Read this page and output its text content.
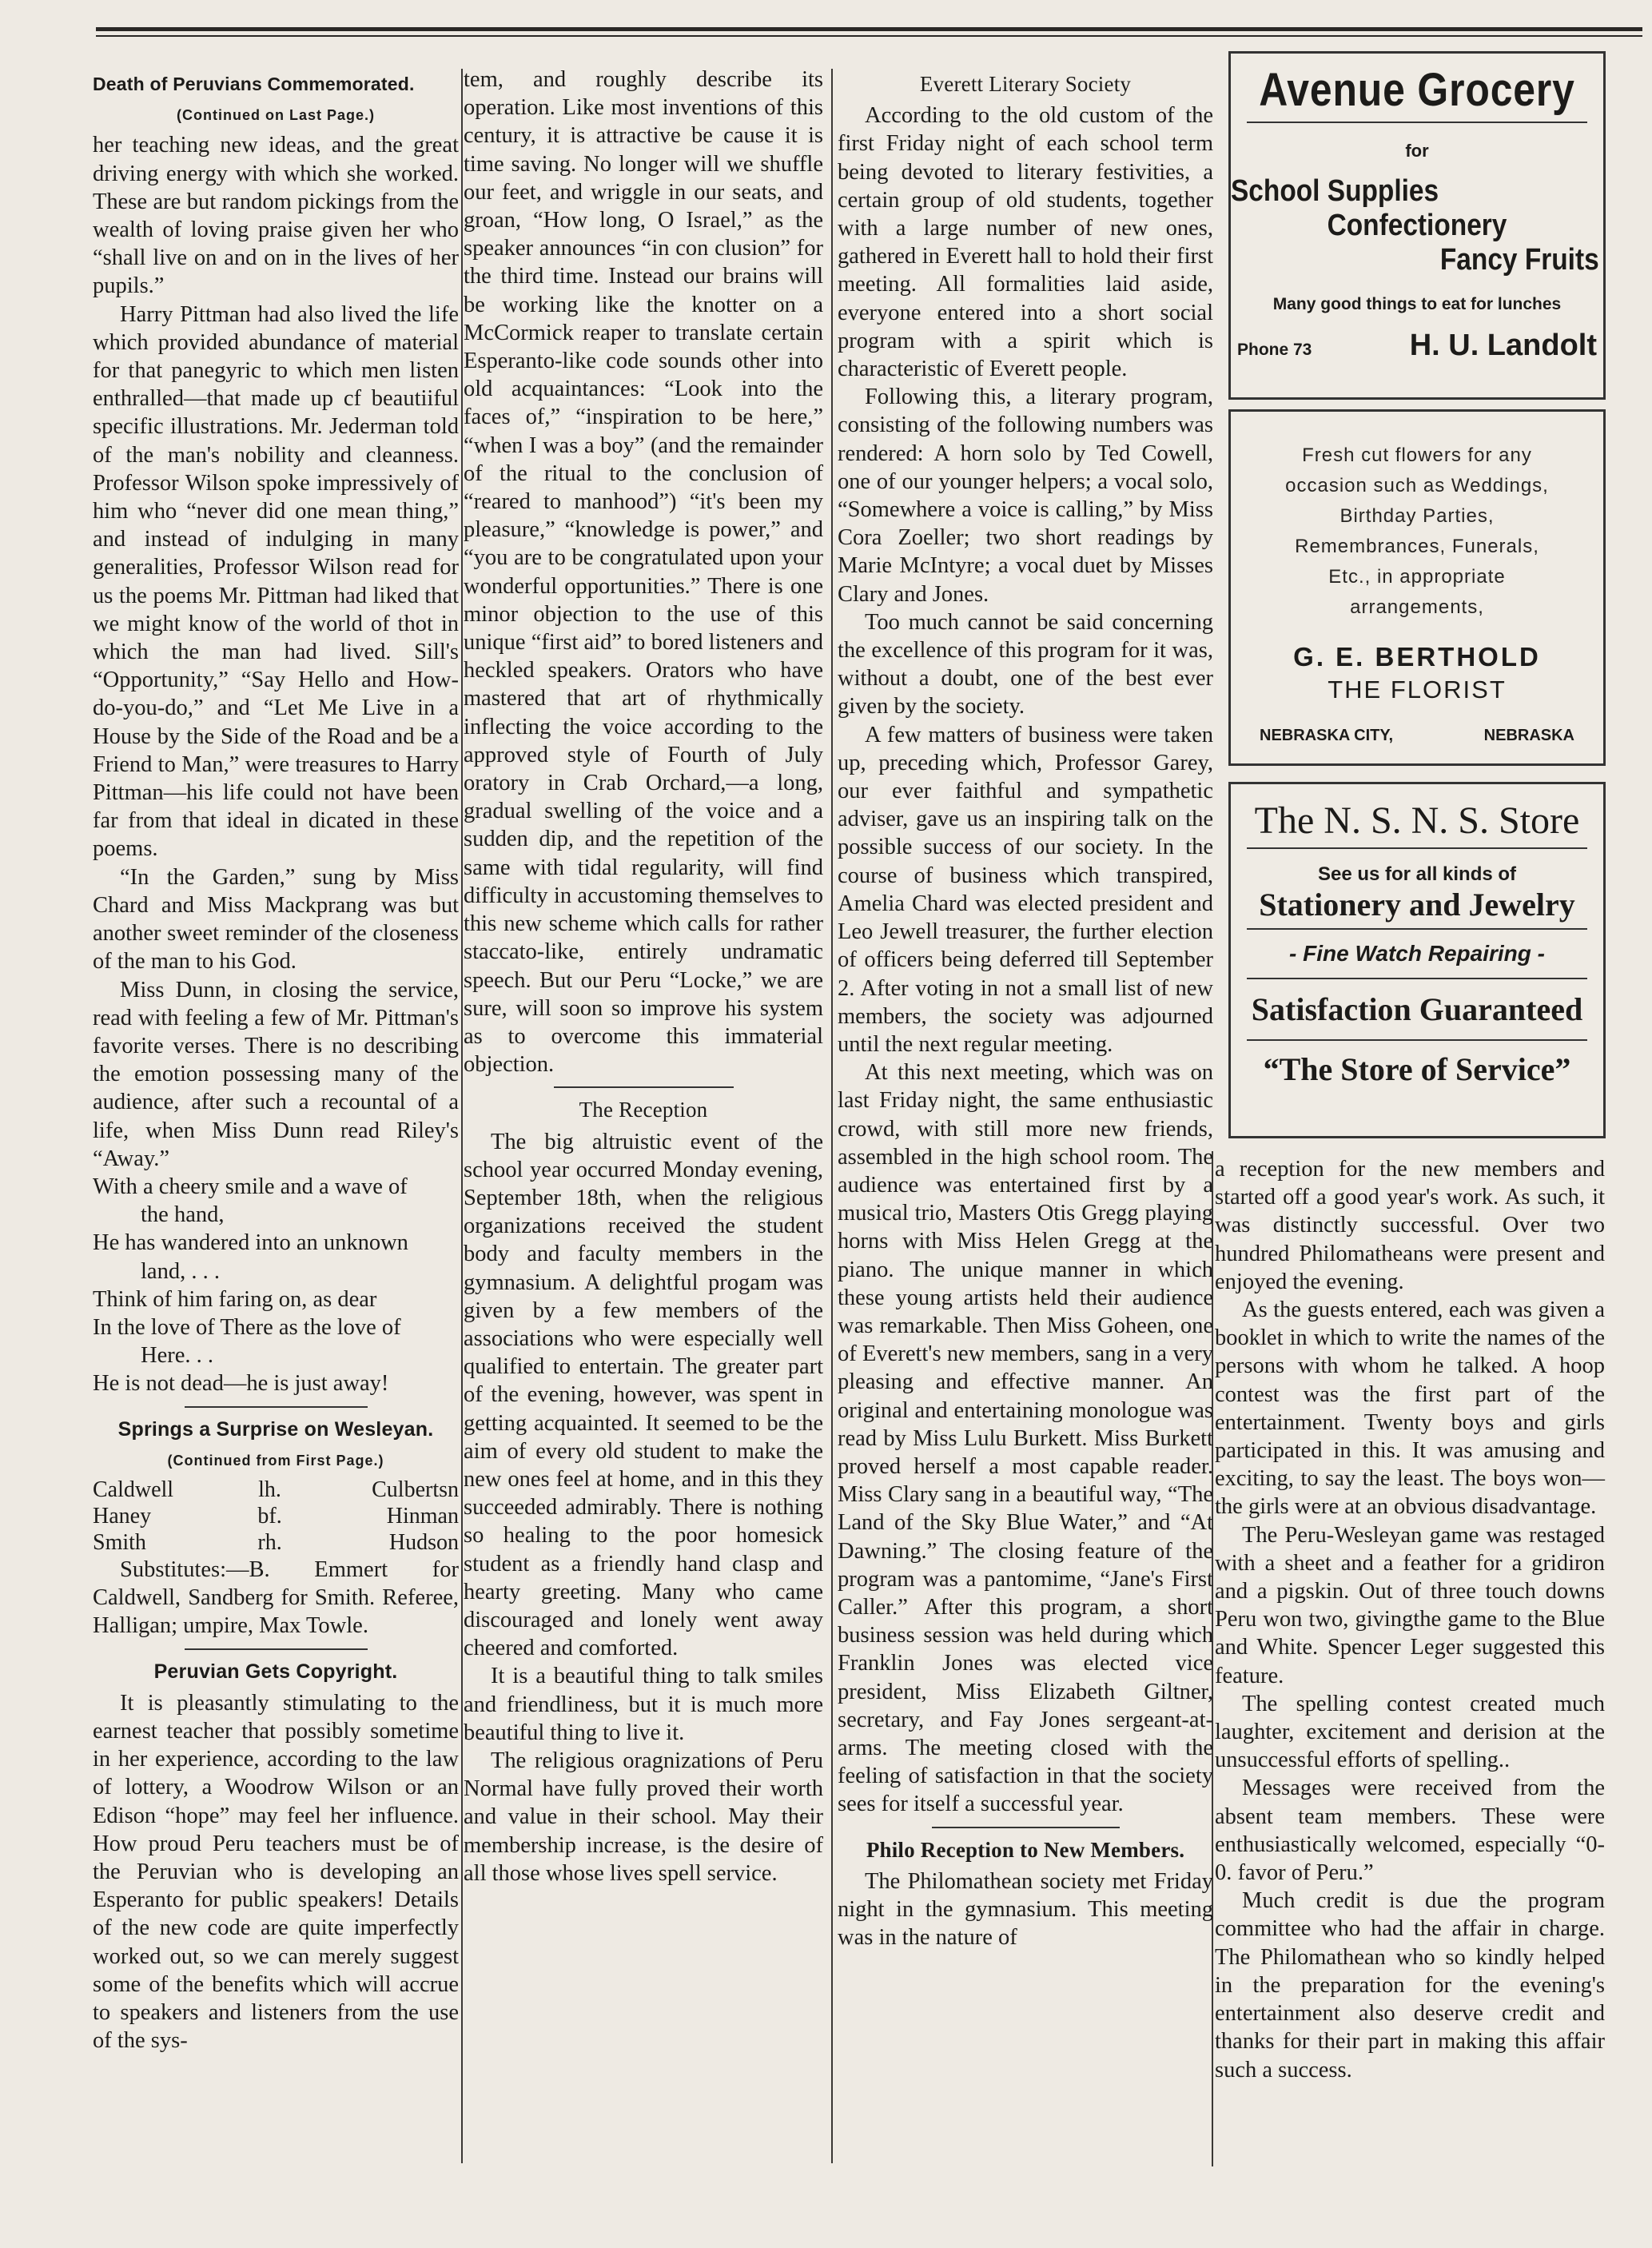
Death of Peruvians Commemorated.
(Continued on Last Page.)

her teaching new ideas, and the great driving energy with which she worked. These are but random pickings from the wealth of loving praise given her who “shall live on and on in the lives of her pupils.”

Harry Pittman had also lived the life which provided abundance of material for that panegyric to which men listen enthralled—that made up cf beautiiful specific illustrations. Mr. Jederman told of the man's nobility and cleanness. Professor Wilson spoke impressively of him who “never did one mean thing,” and instead of indulging in many generalities, Professor Wilson read for us the poems Mr. Pittman had liked that we might know of the world of thot in which the man had lived. Sill's “Opportunity,” “Say Hello and How-do-you-do,” and “Let Me Live in a House by the Side of the Road and be a Friend to Man,” were treasures to Harry Pittman—his life could not have been far from that ideal in dicated in these poems.

“In the Garden,” sung by Miss Chard and Miss Mackprang was but another sweet reminder of the closeness of the man to his God.

Miss Dunn, in closing the service, read with feeling a few of Mr. Pittman's favorite verses. There is no describing the emotion possessing many of the audience, after such a recountal of a life, when Miss Dunn read Riley's “Away.”

With a cheery smile and a wave of
the hand,
He has wandered into an unknown
land, . . .
Think of him faring on, as dear
In the love of There as the love of
Here. . .
He is not dead—he is just away!
Springs a Surprise on Wesleyan.
(Continued from First Page.)
Caldwell	lh.	Culbertsn
Haney	bf.	Hinman
Smith	rh.	Hudson

Substitutes:—B. Emmert for Caldwell, Sandberg for Smith. Referee, Halligan; umpire, Max Towle.

Peruvian Gets Copyright.

It is pleasantly stimulating to the earnest teacher that possibly sometime in her experience, according to the law of lottery, a Woodrow Wilson or an Edison “hope” may feel her influence. How proud Peru teachers must be of the Peruvian who is developing an Esperanto for public speakers! Details of the new code are quite imperfectly worked out, so we can merely suggest some of the benefits which will accrue to speakers and listeners from the use of the sys-

tem, and roughly describe its operation. Like most inventions of this century, it is attractive be cause it is time saving. No longer will we shuffle our feet, and wriggle in our seats, and groan, “How long, O Israel,” as the speaker announces “in con clusion” for the third time. Instead our brains will be working like the knotter on a McCormick reaper to translate certain Esperanto-like code sounds other into old acquaintances: “Look into the faces of,” “inspiration to be here,” “when I was a boy” (and the remainder of the ritual to the conclusion of “reared to manhood”) “it's been my pleasure,” “knowledge is power,” and “you are to be congratulated upon your wonderful opportunities.” There is one minor objection to the use of this unique “first aid” to bored listeners and heckled speakers. Orators who have mastered that art of rhythmically inflecting the voice according to the approved style of Fourth of July oratory in Crab Orchard,—a long, gradual swelling of the voice and a sudden dip, and the repetition of the same with tidal regularity, will find difficulty in accustoming themselves to this new scheme which calls for rather staccato-like, entirely undramatic speech. But our Peru “Locke,” we are sure, will soon so improve his system as to overcome this immaterial objection.

The Reception

The big altruistic event of the school year occurred Monday evening, September 18th, when the religious organizations received the student body and faculty members in the gymnasium. A delightful progam was given by a few members of the associations who were especially well qualified to entertain. The greater part of the evening, however, was spent in getting acquainted. It seemed to be the aim of every old student to make the new ones feel at home, and in this they succeeded admirably. There is nothing so healing to the poor homesick student as a friendly hand clasp and hearty greeting. Many who came discouraged and lonely went away cheered and comforted.

It is a beautiful thing to talk smiles and friendliness, but it is much more beautiful thing to live it.

The religious oragnizations of Peru Normal have fully proved their worth and value in their school. May their membership increase, is the desire of all those whose lives spell service.

Everett Literary Society

According to the old custom of the first Friday night of each school term being devoted to literary festivities, a certain group of old students, together with a large number of new ones, gathered in Everett hall to hold their first meeting. All formalities laid aside, everyone entered into a short social program with a spirit which is characteristic of Everett people.

Following this, a literary program, consisting of the following numbers was rendered: A horn solo by Ted Cowell, one of our younger helpers; a vocal solo, “Somewhere a voice is calling,” by Miss Cora Zoeller; two short readings by Marie McIntyre; a vocal duet by Misses Clary and Jones.

Too much cannot be said concerning the excellence of this program for it was, without a doubt, one of the best ever given by the society.

A few matters of business were taken up, preceding which, Professor Garey, our ever faithful and sympathetic adviser, gave us an inspiring talk on the possible success of our society. In the course of business which transpired, Amelia Chard was elected president and Leo Jewell treasurer, the further election of officers being deferred till September 2. After voting in not a small list of new members, the society was adjourned until the next regular meeting.

At this next meeting, which was on last Friday night, the same enthusiastic crowd, with still more new friends, assembled in the high school room. The audience was entertained first by a musical trio, Masters Otis Gregg playing horns with Miss Helen Gregg at the piano. The unique manner in which these young artists held their audience was remarkable. Then Miss Goheen, one of Everett's new members, sang in a very pleasing and effective manner. An original and entertaining monologue was read by Miss Lulu Burkett. Miss Burkett proved herself a most capable reader. Miss Clary sang in a beautiful way, “The Land of the Sky Blue Water,” and “At Dawning.” The closing feature of the program was a pantomime, “Jane's First Caller.” After this program, a short business session was held during which Franklin Jones was elected vice president, Miss Elizabeth Giltner, secretary, and Fay Jones sergeant-at-arms. The meeting closed with the feeling of satisfaction in that the society sees for itself a successful year.

Philo Reception to New Members.

The Philomathean society met Friday night in the gymnasium. This meeting was in the nature of

a reception for the new members and started off a good year's work. As such, it was distinctly successful. Over two hundred Philomatheans were present and enjoyed the evening.

As the guests entered, each was given a booklet in which to write the names of the persons with whom he talked. A hoop contest was the first part of the entertainment. Twenty boys and girls participated in this. It was amusing and exciting, to say the least. The boys won—the girls were at an obvious disadvantage.

The Peru-Wesleyan game was restaged with a sheet and a feather for a gridiron and a pigskin. Out of three touch downs Peru won two, givingthe game to the Blue and White. Spencer Leger suggested this feature.

The spelling contest created much laughter, excitement and derision at the unsuccessful efforts of spelling..

Messages were received from the absent team members. These were enthusiastically welcomed, especially “0-0. favor of Peru.”

Much credit is due the program committee who had the affair in charge. The Philomathean who so kindly helped in the preparation for the evening's entertainment also deserve credit and thanks for their part in making this affair such a success.

Avenue Grocery
for
School Supplies
Confectionery
Fancy Fruits
Many good things to eat for lunches
Phone 73	H. U. Landolt
Fresh cut flowers for any occasion such as Weddings, Birthday Parties, Remembrances, Funerals, Etc., in appropriate arrangements,
G. E. BERTHOLD
THE FLORIST
NEBRASKA CITY,	NEBRASKA
The N. S. N. S. Store
See us for all kinds of
Stationery and Jewelry
- Fine Watch Repairing -
Satisfaction Guaranteed
“The Store of Service”
